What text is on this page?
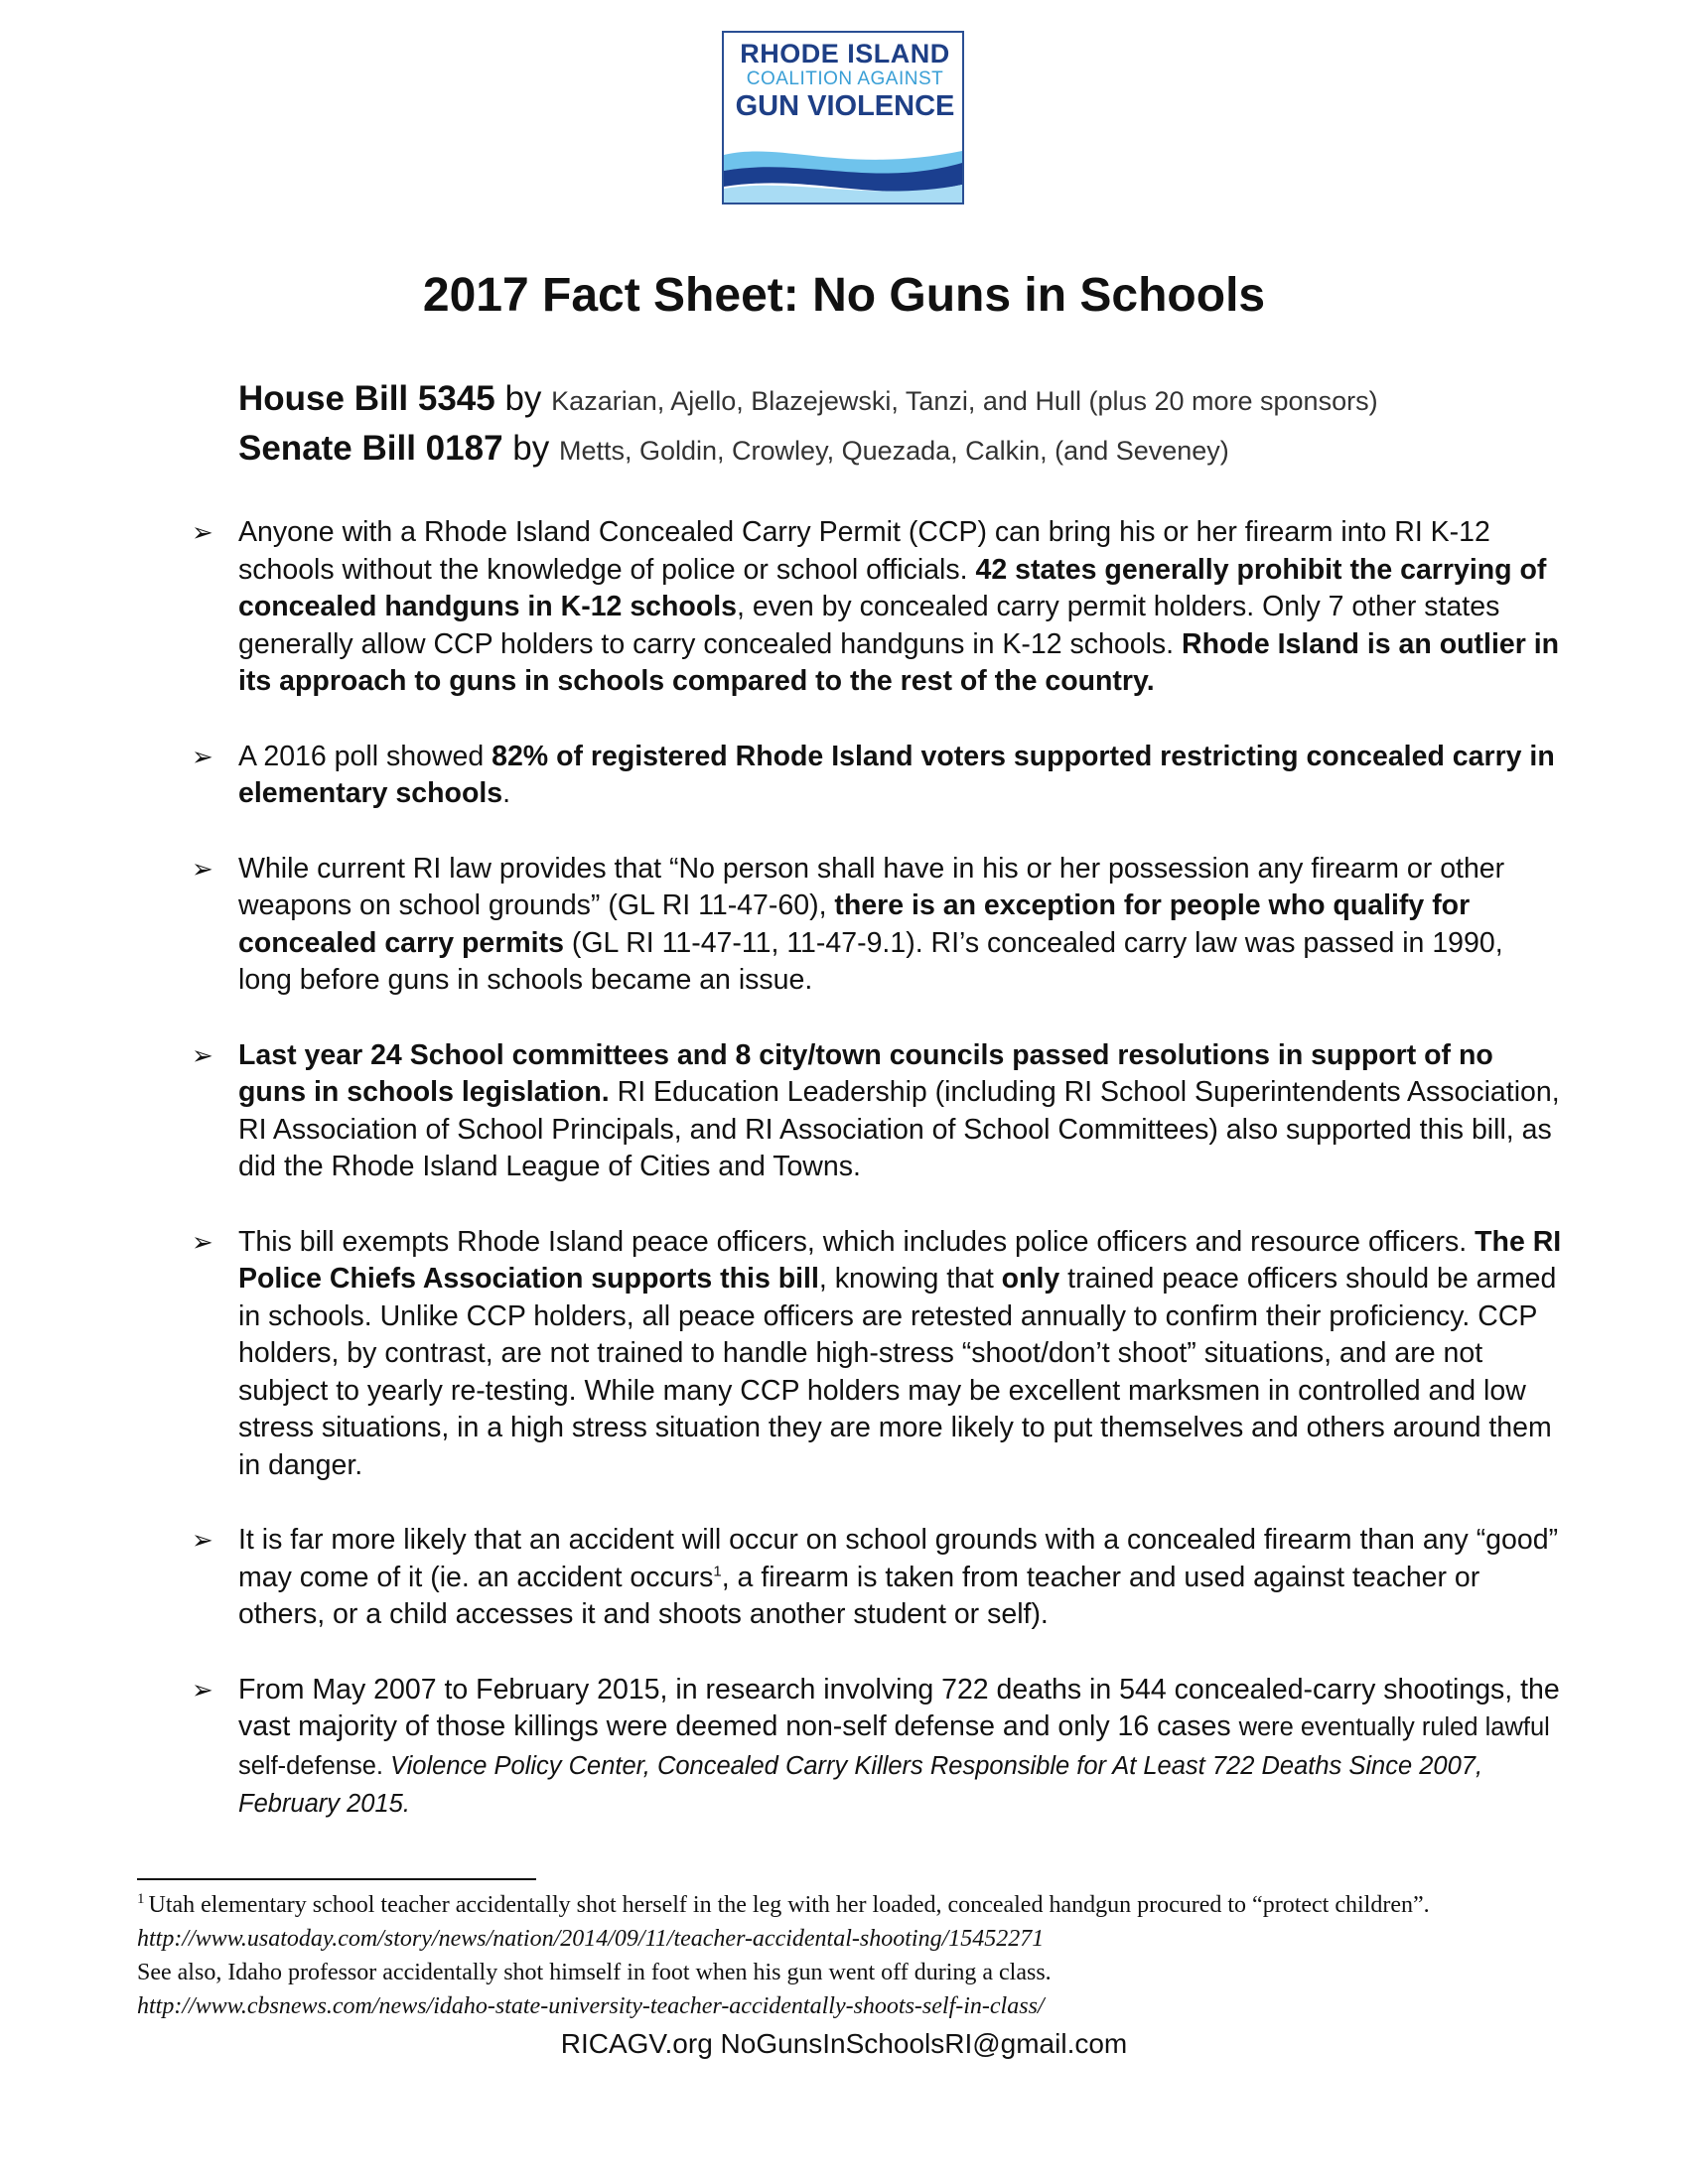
RHODE ISLAND
COALITION AGAINST
GUN VIOLENCE
2017 Fact Sheet: No Guns in Schools
House Bill 5345 by Kazarian, Ajello, Blazejewski, Tanzi, and Hull (plus 20 more sponsors)
Senate Bill 0187 by Metts, Goldin, Crowley, Quezada, Calkin, (and Seveney)
➢ Anyone with a Rhode Island Concealed Carry Permit (CCP) can bring his or her firearm into RI K-12 schools without the knowledge of police or school officials. 42 states generally prohibit the carrying of concealed handguns in K-12 schools, even by concealed carry permit holders. Only 7 other states generally allow CCP holders to carry concealed handguns in K-12 schools. Rhode Island is an outlier in its approach to guns in schools compared to the rest of the country.
➢ A 2016 poll showed 82% of registered Rhode Island voters supported restricting concealed carry in elementary schools.
➢ While current RI law provides that “No person shall have in his or her possession any firearm or other weapons on school grounds” (GL RI 11-47-60), there is an exception for people who qualify for concealed carry permits (GL RI 11-47-11, 11-47-9.1). RI’s concealed carry law was passed in 1990, long before guns in schools became an issue.
➢ Last year 24 School committees and 8 city/town councils passed resolutions in support of no guns in schools legislation. RI Education Leadership (including RI School Superintendents Association, RI Association of School Principals, and RI Association of School Committees) also supported this bill, as did the Rhode Island League of Cities and Towns.
➢ This bill exempts Rhode Island peace officers, which includes police officers and resource officers. The RI Police Chiefs Association supports this bill, knowing that only trained peace officers should be armed in schools. Unlike CCP holders, all peace officers are retested annually to confirm their proficiency. CCP holders, by contrast, are not trained to handle high-stress “shoot/don’t shoot” situations, and are not subject to yearly re-testing. While many CCP holders may be excellent marksmen in controlled and low stress situations, in a high stress situation they are more likely to put themselves and others around them in danger.
➢ It is far more likely that an accident will occur on school grounds with a concealed firearm than any “good” may come of it (ie. an accident occurs$^1$, a firearm is taken from teacher and used against teacher or others, or a child accesses it and shoots another student or self).
➢ From May 2007 to February 2015, in research involving 722 deaths in 544 concealed-carry shootings, the vast majority of those killings were deemed non-self defense and only 16 cases were eventually ruled lawful self-defense. Violence Policy Center, Concealed Carry Killers Responsible for At Least 722 Deaths Since 2007, February 2015.
$^1$ Utah elementary school teacher accidentally shot herself in the leg with her loaded, concealed handgun procured to “protect children”. http://www.usatoday.com/story/news/nation/2014/09/11/teacher-accidental-shooting/15452271
See also, Idaho professor accidentally shot himself in foot when his gun went off during a class.
http://www.cbsnews.com/news/idaho-state-university-teacher-accidentally-shoots-self-in-class/
RICAGV.org NoGunsInSchoolsRI@gmail.com
